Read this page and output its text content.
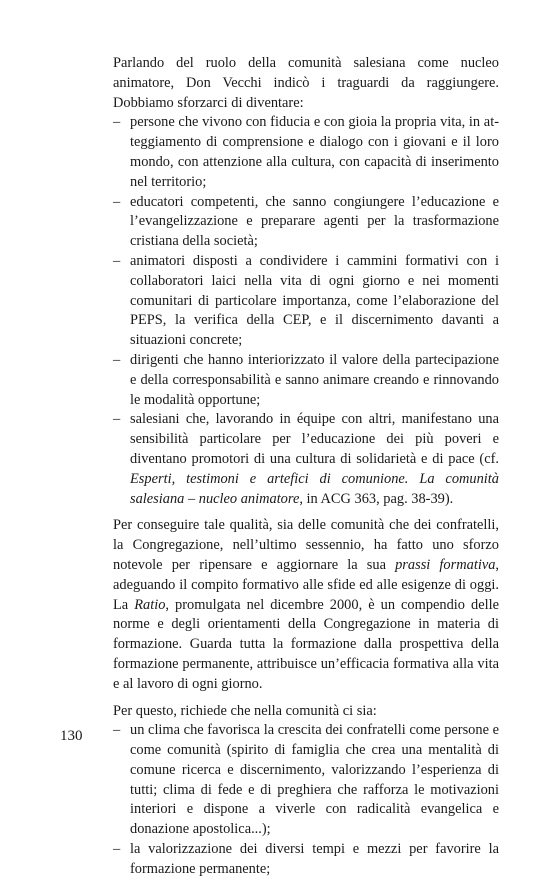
Parlando del ruolo della comunità salesiana come nucleo animatore, Don Vecchi indicò i traguardi da raggiungere. Dobbiamo sforzarci di diventare:

– persone che vivono con fiducia e con gioia la propria vita, in atteggiamento di comprensione e dialogo con i giovani e il loro mondo, con attenzione alla cultura, con capacità di inserimento nel territorio;
– educatori competenti, che sanno congiungere l’educazione e l’evangelizzazione e preparare agenti per la trasformazione cristiana della società;
– animatori disposti a condividere i cammini formativi con i collaboratori laici nella vita di ogni giorno e nei momenti comunitari di particolare importanza, come l’elaborazione del PEPS, la verifica della CEP, e il discernimento davanti a situazioni concrete;
– dirigenti che hanno interiorizzato il valore della partecipazione e della corresponsabilità e sanno animare creando e rinnovando le modalità opportune;
– salesiani che, lavorando in équipe con altri, manifestano una sensibilità particolare per l’educazione dei più poveri e diventano promotori di una cultura di solidarietà e di pace (cf. Esperti, testimoni e artefici di comunione. La comunità salesiana – nucleo animatore, in ACG 363, pag. 38-39).

Per conseguire tale qualità, sia delle comunità che dei confratelli, la Congregazione, nell’ultimo sessennio, ha fatto uno sforzo notevole per ripensare e aggiornare la sua prassi formativa, adeguando il compito formativo alle sfide ed alle esigenze di oggi. La Ratio, promulgata nel dicembre 2000, è un compendio delle norme e degli orientamenti della Congregazione in materia di formazione. Guarda tutta la formazione dalla prospettiva della formazione permanente, attribuisce un’efficacia formativa alla vita e al lavoro di ogni giorno.

Per questo, richiede che nella comunità ci sia:

– un clima che favorisca la crescita dei confratelli come persone e come comunità (spirito di famiglia che crea una mentalità di comune ricerca e discernimento, valorizzando l’esperienza di tutti; clima di fede e di preghiera che rafforza le motivazioni interiori e dispone a viverle con radicalità evangelica e donazione apostolica...);
– la valorizzazione dei diversi tempi e mezzi per favorire la formazione permanente;
130
